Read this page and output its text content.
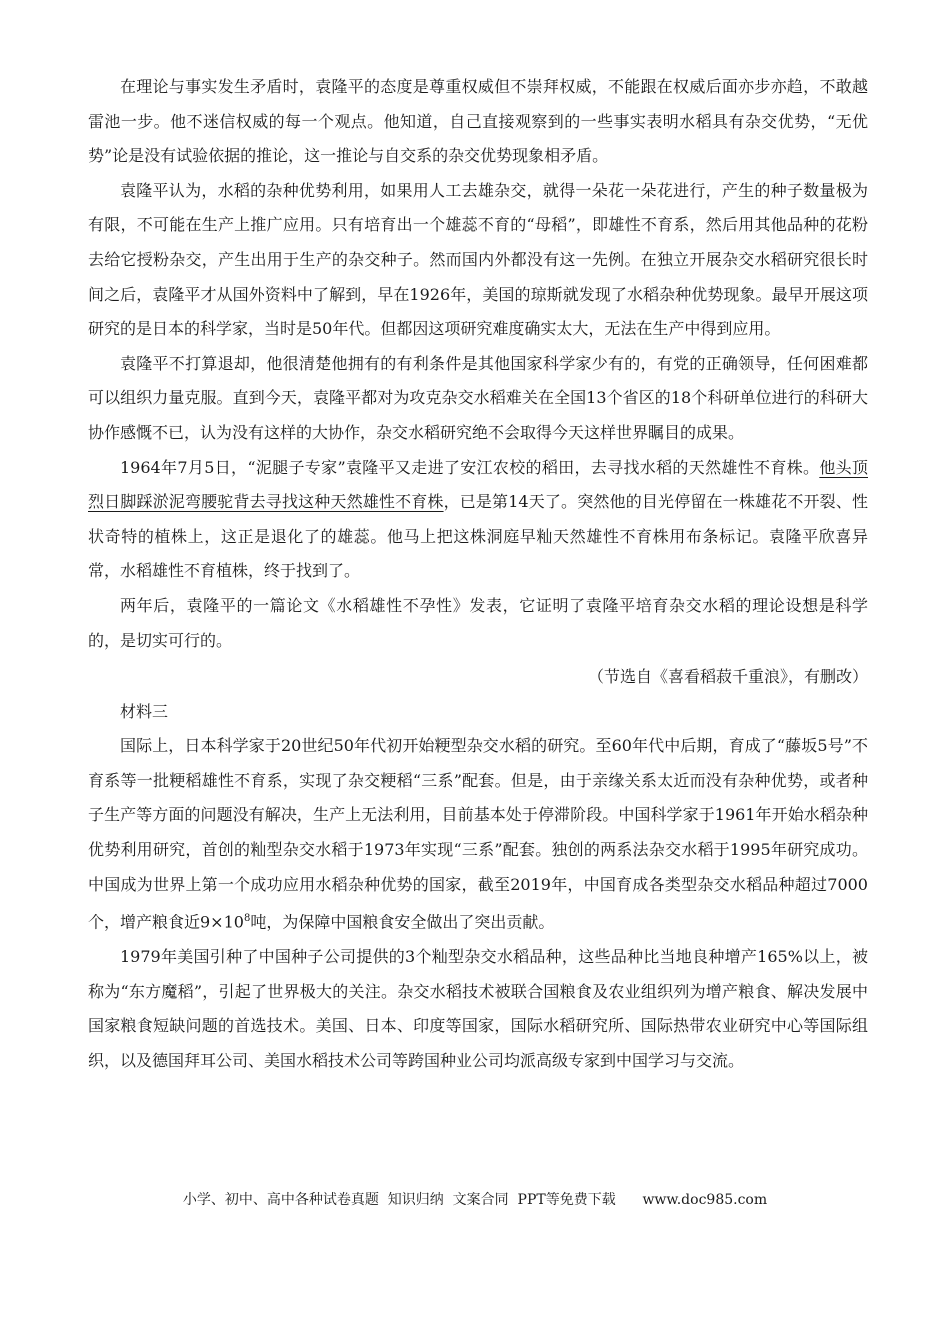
在理论与事实发生矛盾时，袁隆平的态度是尊重权威但不崇拜权威，不能跟在权威后面亦步亦趋，不敢越雷池一步。他不迷信权威的每一个观点。他知道，自己直接观察到的一些事实表明水稻具有杂交优势，“无优势”论是没有试验依据的推论，这一推论与自交系的杂交优势现象相矛盾。

袁隆平认为，水稻的杂种优势利用，如果用人工去雄杂交，就得一朵花一朵花进行，产生的种子数量极为有限，不可能在生产上推广应用。只有培育出一个雄蕊不育的“母稻”，即雄性不育系，然后用其他品种的花粉去给它授粉杂交，产生出用于生产的杂交种子。然而国内外都没有这一先例。在独立开展杂交水稻研究很长时间之后，袁隆平才从国外资料中了解到，早在1926年，美国的琼斯就发现了水稻杂种优势现象。最早开展这项研究的是日本的科学家，当时是50年代。但都因这项研究难度确实太大，无法在生产中得到应用。

袁隆平不打算退却，他很清楚他拥有的有利条件是其他国家科学家少有的，有党的正确领导，任何困难都可以组织力量克服。直到今天，袁隆平都对为攻克杂交水稻难关在全国13个省区的18个科研单位进行的科研大协作感慨不已，认为没有这样的大协作，杂交水稻研究绝不会取得今天这样世界瞩目的成果。

1964年7月5日，“泥腿子专家”袁隆平又走进了安江农校的稻田，去寻找水稻的天然雄性不育株。他头顶烈日脚踩淤泥弯腰驼背去寻找这种天然雄性不育株，已是第14天了。突然他的目光停留在一株雄花不开裂、性状奇特的植株上，这正是退化了的雄蕊。他马上把这株洞庭早籼天然雄性不育株用布条标记。袁隆平欣喜异常，水稻雄性不育植株，终于找到了。

两年后，袁隆平的一篇论文《水稻雄性不孕性》发表，它证明了袁隆平培育杂交水稻的理论设想是科学的，是切实可行的。

（节选自《喜看稻菽千重浪》，有删改）

材料三

国际上，日本科学家于20世纪50年代初开始粳型杂交水稻的研究。至60年代中后期，育成了“藤坂5号”不育系等一批粳稻雄性不育系，实现了杂交粳稻“三系”配套。但是，由于亲缘关系太近而没有杂种优势，或者种子生产等方面的问题没有解决，生产上无法利用，目前基本处于停滞阶段。中国科学家于1961年开始水稻杂种优势利用研究，首创的籼型杂交水稻于1973年实现“三系”配套。独创的两系法杂交水稻于1995年研究成功。中国成为世界上第一个成功应用水稻杂种优势的国家，截至2019年，中国育成各类型杂交水稻品种超过7000个，增产粮食近$9\times 10^8$吨，为保障中国粮食安全做出了突出贡献。

1979年美国引种了中国种子公司提供的3个籼型杂交水稻品种，这些品种比当地良种增产165%以上，被称为“东方魔稻”，引起了世界极大的关注。杂交水稻技术被联合国粮食及农业组织列为增产粮食、解决发展中国家粮食短缺问题的首选技术。美国、日本、印度等国家，国际水稻研究所、国际热带农业研究中心等国际组织，以及德国拜耳公司、美国水稻技术公司等跨国种业公司均派高级专家到中国学习与交流。

小学、初中、高中各种试卷真题  知识归纳  文案合同  PPT等免费下载      www.doc985.com
